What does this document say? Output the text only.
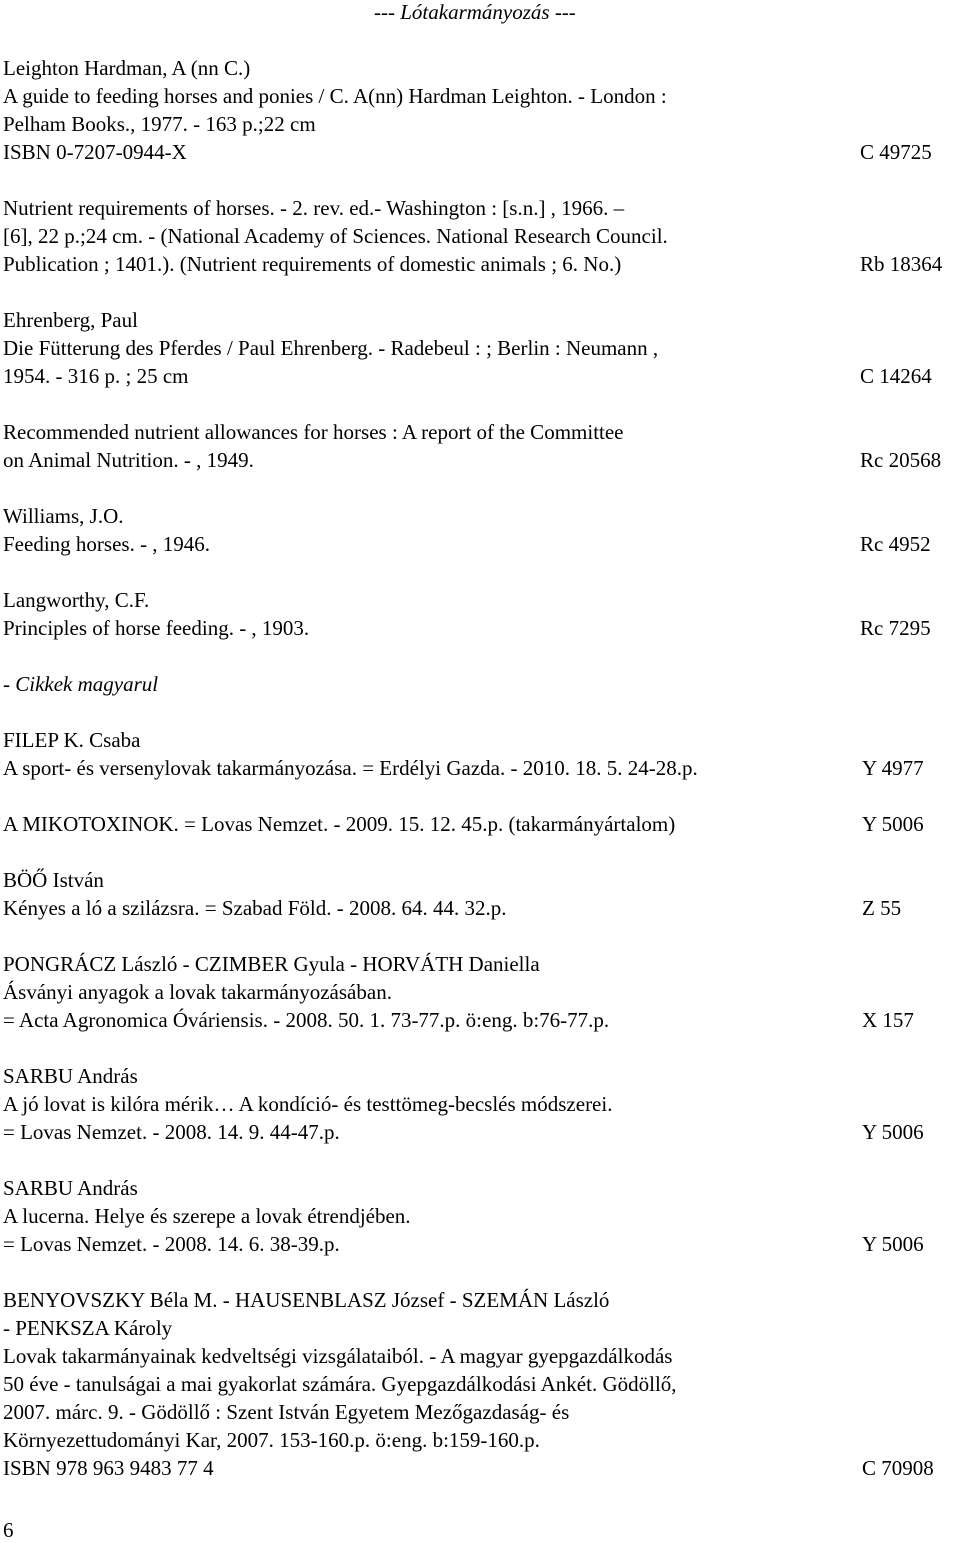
--- Lótakarmányozás ---
Leighton Hardman, A (nn C.)
A guide to feeding horses and ponies / C. A(nn) Hardman Leighton. - London :
Pelham Books., 1977. - 163 p.;22 cm
ISBN 0-7207-0944-X	C 49725
Nutrient requirements of horses. - 2. rev. ed.- Washington : [s.n.] , 1966. –
[6], 22 p.;24 cm. - (National Academy of Sciences. National Research Council.
Publication ; 1401.). (Nutrient requirements of domestic animals ; 6. No.)	Rb 18364
Ehrenberg, Paul
Die Fütterung des Pferdes / Paul Ehrenberg. - Radebeul : ; Berlin : Neumann ,
1954. - 316 p. ; 25 cm	C 14264
Recommended nutrient allowances for horses : A report of the Committee
on Animal Nutrition. - , 1949.	Rc 20568
Williams, J.O.
Feeding horses. - , 1946.	Rc 4952
Langworthy, C.F.
Principles of horse feeding. - , 1903.	Rc 7295
- Cikkek magyarul
FILEP K. Csaba
A sport- és versenylovak takarmányozása. = Erdélyi Gazda. - 2010. 18. 5. 24-28.p.	Y 4977
A MIKOTOXINOK. = Lovas Nemzet. - 2009. 15. 12. 45.p. (takarmányártalom)	Y 5006
BÖŐ István
Kényes a ló a szilázsra. = Szabad Föld. - 2008. 64. 44. 32.p.	Z 55
PONGRÁCZ László - CZIMBER Gyula - HORVÁTH Daniella
Ásványi anyagok a lovak takarmányozásában.
= Acta Agronomica Óváriensis. - 2008. 50. 1. 73-77.p. ö:eng. b:76-77.p.	X 157
SARBU András
A jó lovat is kilóra mérik… A kondíció- és testtömeg-becslés módszerei.
= Lovas Nemzet. - 2008. 14. 9. 44-47.p.	Y 5006
SARBU András
A lucerna. Helye és szerepe a lovak étrendjében.
= Lovas Nemzet. - 2008. 14. 6. 38-39.p.	Y 5006
BENYOVSZKY Béla M. - HAUSENBLASZ József - SZEMÁN László
- PENKSZA Károly
Lovak takarmányainak kedveltségi vizsgálataiból. - A magyar gyepgazdálkodás
50 éve - tanulságai a mai gyakorlat számára. Gyepgazdálkodási Ankét. Gödöllő,
2007. márc. 9. - Gödöllő : Szent István Egyetem Mezőgazdaság- és
Környezettudományi Kar, 2007. 153-160.p. ö:eng. b:159-160.p.
ISBN 978 963 9483 77 4	C 70908
6
